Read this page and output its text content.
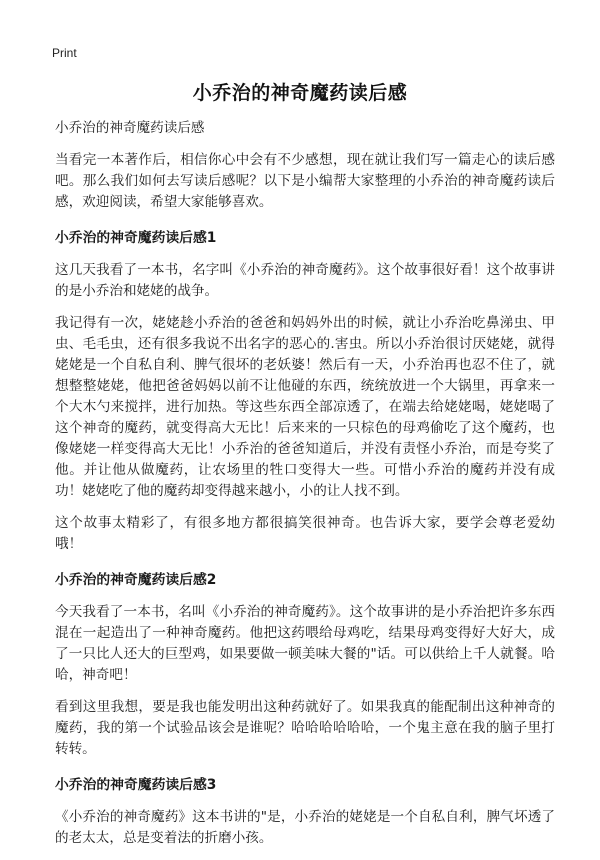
Print
小乔治的神奇魔药读后感
小乔治的神奇魔药读后感
当看完一本著作后，相信你心中会有不少感想，现在就让我们写一篇走心的读后感吧。那么我们如何去写读后感呢？以下是小编帮大家整理的小乔治的神奇魔药读后感，欢迎阅读，希望大家能够喜欢。
小乔治的神奇魔药读后感1
这几天我看了一本书，名字叫《小乔治的神奇魔药》。这个故事很好看！这个故事讲的是小乔治和姥姥的战争。
我记得有一次，姥姥趁小乔治的爸爸和妈妈外出的时候，就让小乔治吃鼻涕虫、甲虫、毛毛虫，还有很多我说不出名字的恶心的.害虫。所以小乔治很讨厌姥姥，就得姥姥是一个自私自利、脾气很坏的老妖婆！然后有一天，小乔治再也忍不住了，就想整整姥姥，他把爸爸妈妈以前不让他碰的东西，统统放进一个大锅里，再拿来一个大木勺来搅拌，进行加热。等这些东西全部凉透了，在端去给姥姥喝，姥姥喝了这个神奇的魔药，就变得高大无比！后来来的一只棕色的母鸡偷吃了这个魔药，也像姥姥一样变得高大无比！小乔治的爸爸知道后，并没有责怪小乔治，而是夸奖了他。并让他从做魔药，让农场里的牲口变得大一些。可惜小乔治的魔药并没有成功！姥姥吃了他的魔药却变得越来越小，小的让人找不到。
这个故事太精彩了，有很多地方都很搞笑很神奇。也告诉大家，要学会尊老爱幼哦！
小乔治的神奇魔药读后感2
今天我看了一本书，名叫《小乔治的神奇魔药》。这个故事讲的是小乔治把许多东西混在一起造出了一种神奇魔药。他把这药喂给母鸡吃，结果母鸡变得好大好大，成了一只比人还大的巨型鸡，如果要做一顿美味大餐的"话。可以供给上千人就餐。哈哈，神奇吧！
看到这里我想，要是我也能发明出这种药就好了。如果我真的能配制出这种神奇的魔药，我的第一个试验品该会是谁呢？哈哈哈哈哈哈，一个鬼主意在我的脑子里打转转。
小乔治的神奇魔药读后感3
《小乔治的神奇魔药》这本书讲的"是，小乔治的姥姥是一个自私自利，脾气坏透了的老太太，总是变着法的折磨小孩。
